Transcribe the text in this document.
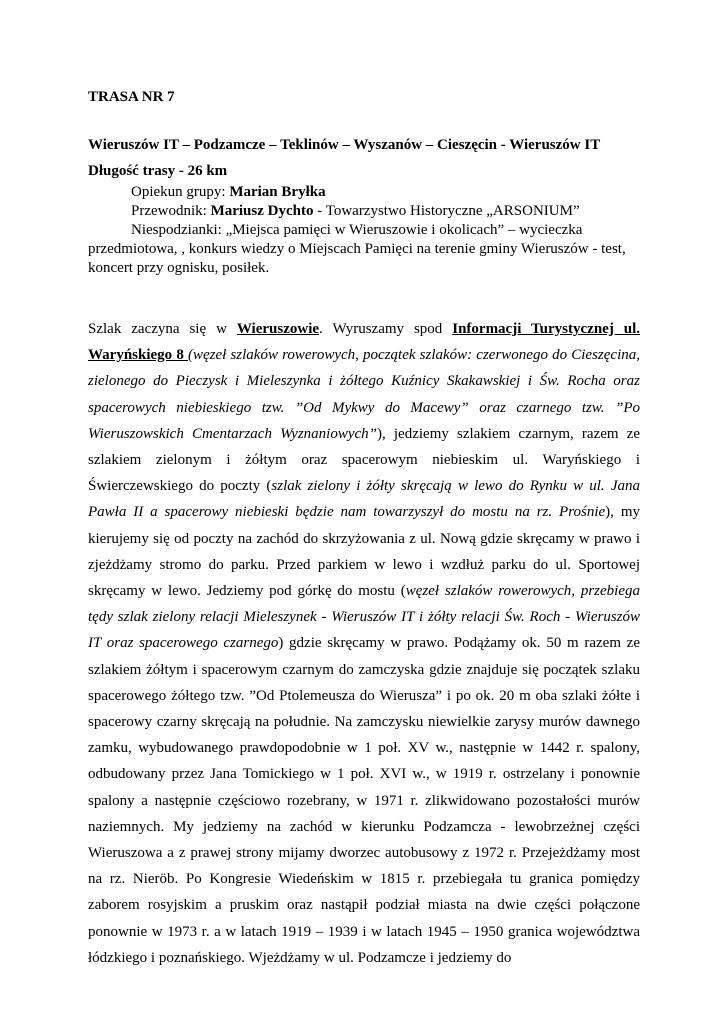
TRASA NR 7
Wieruszów IT – Podzamcze – Teklinów – Wyszanów – Cieszęcin - Wieruszów IT
Długość trasy - 26 km
Opiekun grupy: Marian Bryłka
Przewodnik: Mariusz Dychto - Towarzystwo Historyczne „ARSONIUM”
Niespodzianki: „Miejsca pamięci w Wieruszowie i okolicach” – wycieczka
przedmiotowa, , konkurs wiedzy o Miejscach Pamięci na terenie gminy Wieruszów - test,
koncert przy ognisku, posiłek.
Szlak zaczyna się w Wieruszowie. Wyruszamy spod Informacji Turystycznej ul. Waryńskiego 8 (węzeł szlaków rowerowych, początek szlaków: czerwonego do Cieszęcina, zielonego do Pieczysk i Mieleszynka i żółtego Kuźnicy Skakawskiej i Św. Rocha oraz spacerowych niebieskiego tzw. ”Od Mykwy do Macewy” oraz czarnego tzw. ”Po Wieruszowskich Cmentarzach Wyznaniowych”), jedziemy szlakiem czarnym, razem ze szlakiem zielonym i żółtym oraz spacerowym niebieskim ul. Waryńskiego i Świerczewskiego do poczty (szlak zielony i żółty skręcają w lewo do Rynku w ul. Jana Pawła II a spacerowy niebieski będzie nam towarzyszył do mostu na rz. Prośnie), my kierujemy się od poczty na zachód do skrzyżowania z ul. Nową gdzie skręcamy w prawo i zjeżdżamy stromo do parku. Przed parkiem w lewo i wzdłuż parku do ul. Sportowej skręcamy w lewo. Jedziemy pod górkę do mostu (węzeł szlaków rowerowych, przebiega tędy szlak zielony relacji Mieleszynek - Wieruszów IT i żółty relacji Św. Roch - Wieruszów IT oraz spacerowego czarnego) gdzie skręcamy w prawo. Podążamy ok. 50 m razem ze szlakiem żółtym i spacerowym czarnym do zamczyska gdzie znajduje się początek szlaku spacerowego żółtego tzw. ”Od Ptolemeusza do Wierusza” i po ok. 20 m oba szlaki żółte i spacerowy czarny skręcają na południe. Na zamczysku niewielkie zarysy murów dawnego zamku, wybudowanego prawdopodobnie w 1 poł. XV w., następnie w 1442 r. spalony, odbudowany przez Jana Tomickiego w 1 poł. XVI w., w 1919 r. ostrzelany i ponownie spalony a następnie częściowo rozebrany, w 1971 r. zlikwidowano pozostałości murów naziemnych. My jedziemy na zachód w kierunku Podzamcza - lewobrzeżnej części Wieruszowa a z prawej strony mijamy dworzec autobusowy z 1972 r. Przejeżdżamy most na rz. Nieröb. Po Kongresie Wiedeńskim w 1815 r. przebiegała tu granica pomiędzy zaborem rosyjskim a pruskim oraz nastąpił podział miasta na dwie części połączone ponownie w 1973 r. a w latach 1919 – 1939 i w latach 1945 – 1950 granica województwa łódzkiego i poznańskiego. Wjeżdżamy w ul. Podzamcze i jedziemy do
